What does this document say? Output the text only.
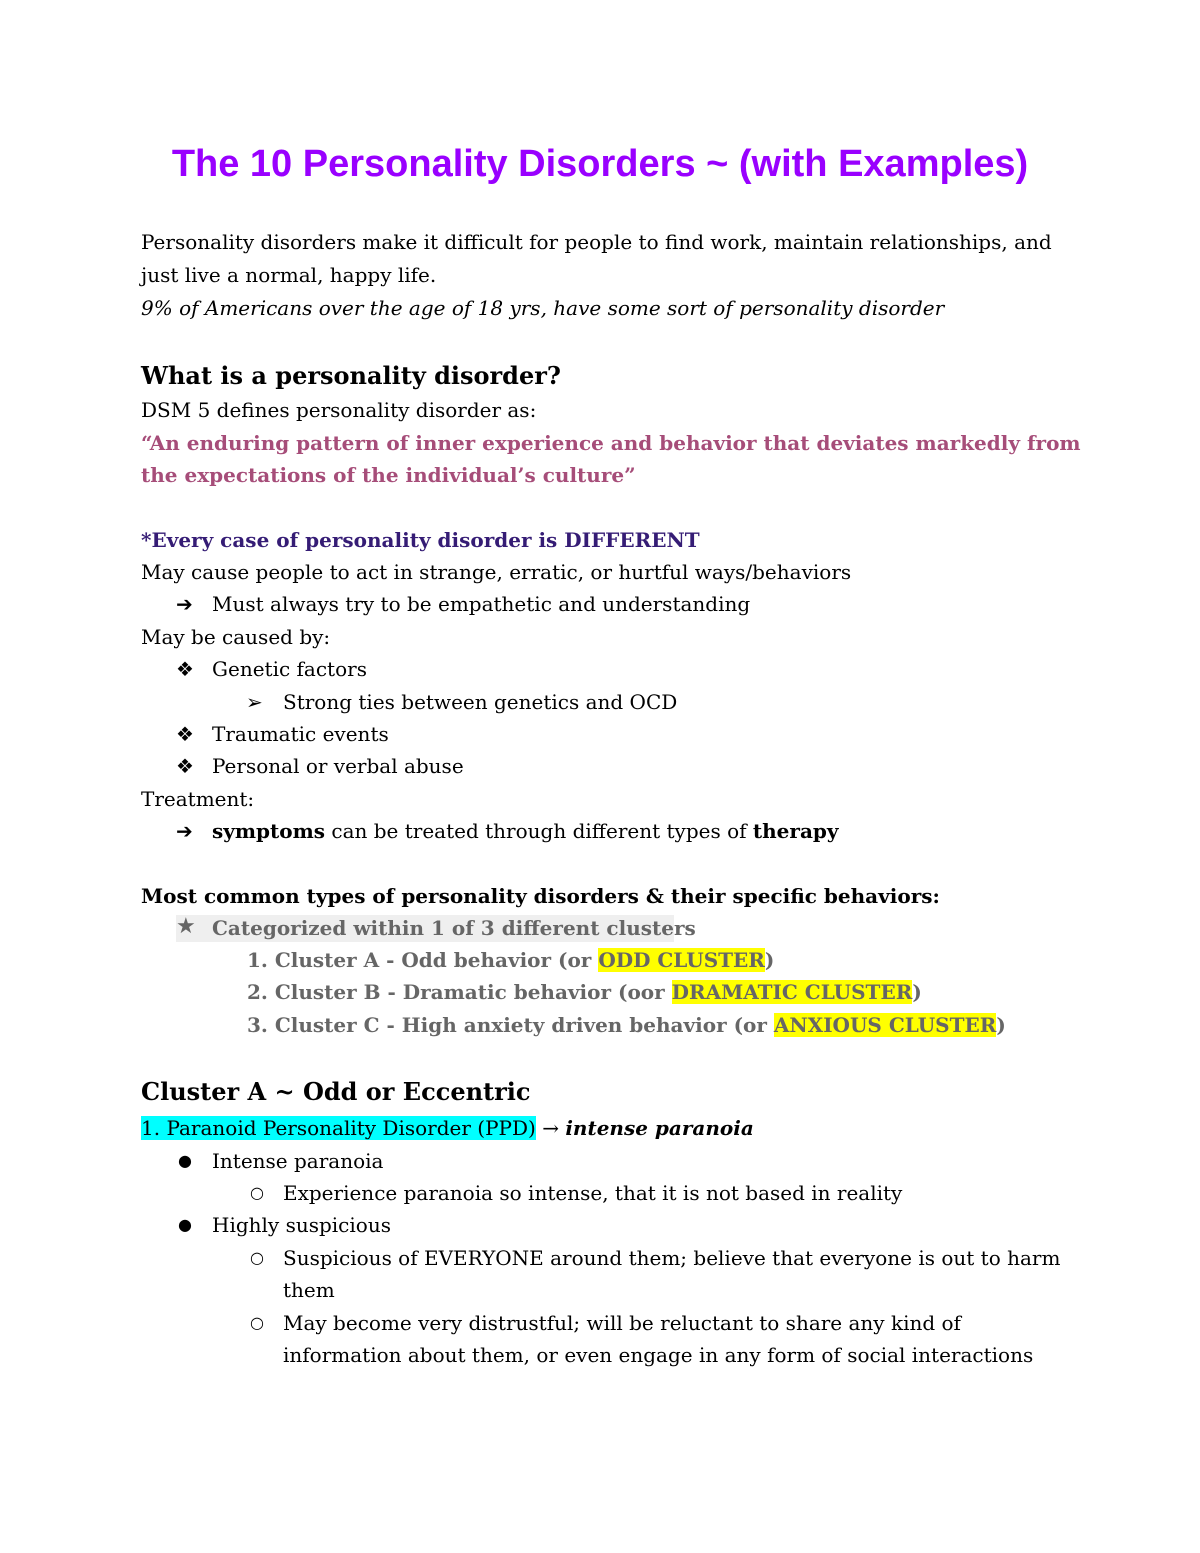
The 10 Personality Disorders ~ (with Examples)
Personality disorders make it difficult for people to find work, maintain relationships, and
just live a normal, happy life.
9% of Americans over the age of 18 yrs, have some sort of personality disorder
What is a personality disorder?
DSM 5 defines personality disorder as:
“An enduring pattern of inner experience and behavior that deviates markedly from
the expectations of the individual’s culture”
*Every case of personality disorder is DIFFERENT
May cause people to act in strange, erratic, or hurtful ways/behaviors
➔ Must always try to be empathetic and understanding
May be caused by:
❖ Genetic factors
➢ Strong ties between genetics and OCD
❖ Traumatic events
❖ Personal or verbal abuse
Treatment:
➔ symptoms can be treated through different types of therapy
Most common types of personality disorders & their specific behaviors:
★ Categorized within 1 of 3 different clusters
1. Cluster A - Odd behavior (or ODD CLUSTER)
2. Cluster B - Dramatic behavior (oor DRAMATIC CLUSTER)
3. Cluster C - High anxiety driven behavior (or ANXIOUS CLUSTER)
Cluster A ~ Odd or Eccentric
1. Paranoid Personality Disorder (PPD) → intense paranoia
● Intense paranoia
○ Experience paranoia so intense, that it is not based in reality
● Highly suspicious
○ Suspicious of EVERYONE around them; believe that everyone is out to harm
them
○ May become very distrustful; will be reluctant to share any kind of
information about them, or even engage in any form of social interactions
